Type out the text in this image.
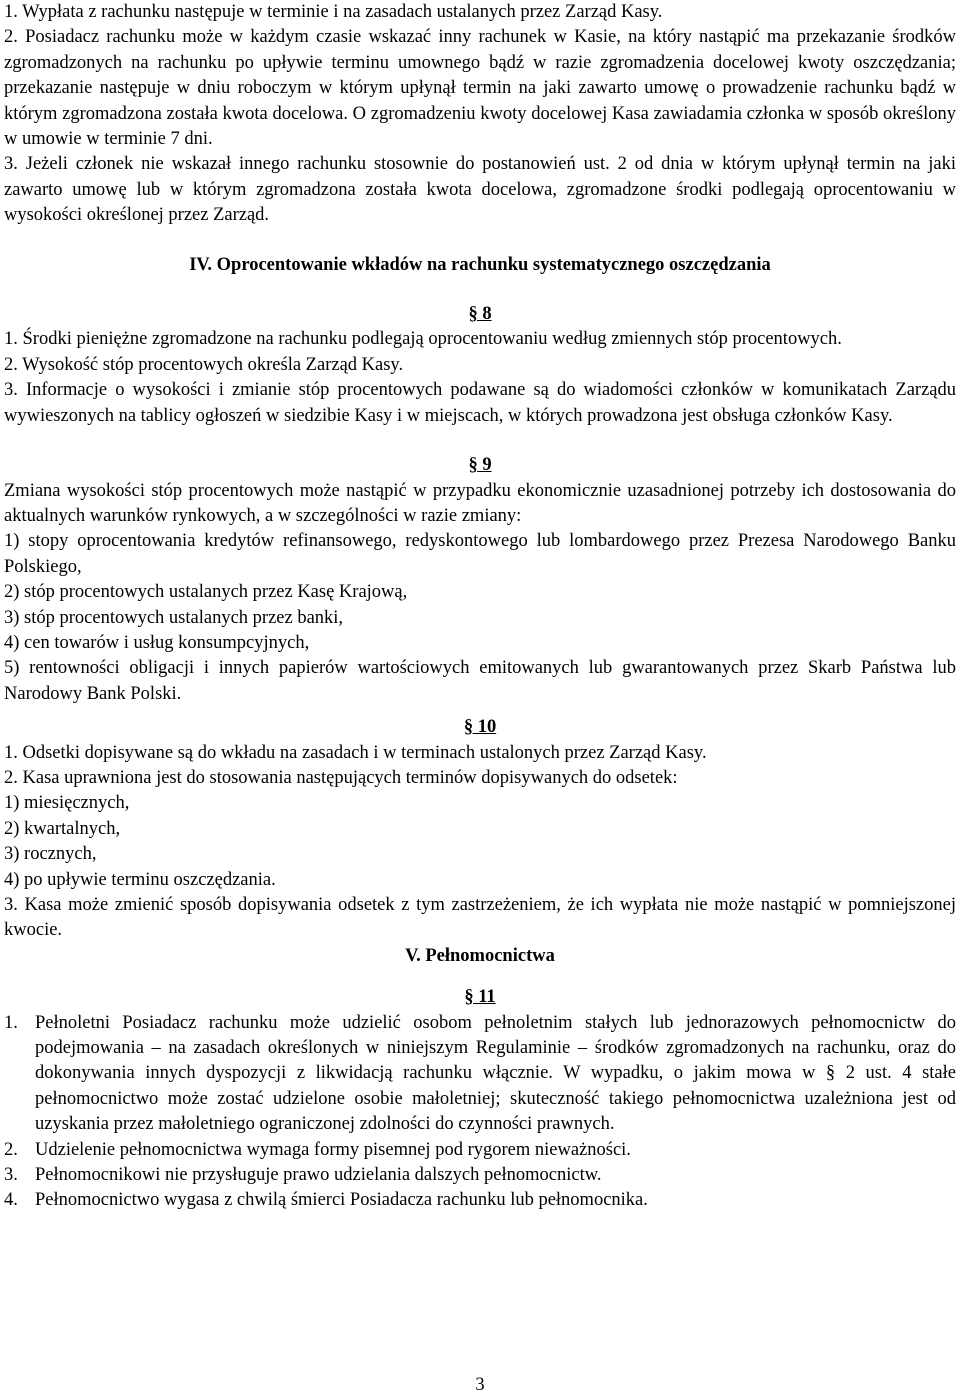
1. Wypłata z rachunku następuje w terminie i na zasadach ustalanych przez Zarząd Kasy.

2. Posiadacz rachunku może w każdym czasie wskazać inny rachunek w Kasie, na który nastąpić ma przekazanie środków zgromadzonych na rachunku po upływie terminu umownego bądź w razie zgromadzenia docelowej kwoty oszczędzania; przekazanie następuje w dniu roboczym w którym upłynął termin na jaki zawarto umowę o prowadzenie rachunku bądź w którym zgromadzona została kwota docelowa. O zgromadzeniu kwoty docelowej Kasa zawiadamia członka w sposób określony w umowie w terminie 7 dni.

3. Jeżeli członek nie wskazał innego rachunku stosownie do postanowień ust. 2 od dnia w którym upłynął termin na jaki zawarto umowę lub w którym zgromadzona została kwota docelowa, zgromadzone środki podlegają oprocentowaniu w wysokości określonej przez Zarząd.

IV. Oprocentowanie wkładów na rachunku systematycznego oszczędzania

§ 8

1. Środki pieniężne zgromadzone na rachunku podlegają oprocentowaniu według zmiennych stóp procentowych.

2. Wysokość stóp procentowych określa Zarząd Kasy.

3. Informacje o wysokości i zmianie stóp procentowych podawane są do wiadomości członków w komunikatach Zarządu wywieszonych na tablicy ogłoszeń w siedzibie Kasy i w miejscach, w których prowadzona jest obsługa członków Kasy.

§ 9

Zmiana wysokości stóp procentowych może nastąpić w przypadku ekonomicznie uzasadnionej potrzeby ich dostosowania do aktualnych warunków rynkowych, a w szczególności w razie zmiany:

1) stopy oprocentowania kredytów refinansowego, redyskontowego lub lombardowego przez Prezesa Narodowego Banku Polskiego,

2) stóp procentowych ustalanych przez Kasę Krajową,

3) stóp procentowych ustalanych przez banki,

4) cen towarów i usług konsumpcyjnych,

5) rentowności obligacji i innych papierów wartościowych emitowanych lub gwarantowanych przez Skarb Państwa lub Narodowy Bank Polski.

§ 10

1. Odsetki dopisywane są do wkładu na zasadach i w terminach ustalonych przez Zarząd Kasy.

2. Kasa uprawniona jest do stosowania następujących terminów dopisywanych do odsetek:

1) miesięcznych,

2) kwartalnych,

3) rocznych,

4) po upływie terminu oszczędzania.

3. Kasa może zmienić sposób dopisywania odsetek z tym zastrzeżeniem, że ich wypłata nie może nastąpić w pomniejszonej kwocie.

V. Pełnomocnictwa

§ 11

1. Pełnoletni Posiadacz rachunku może udzielić osobom pełnoletnim stałych lub jednorazowych pełnomocnictw do podejmowania – na zasadach określonych w niniejszym Regulaminie – środków zgromadzonych na rachunku, oraz do dokonywania innych dyspozycji z likwidacją rachunku włącznie. W wypadku, o jakim mowa w § 2 ust. 4 stałe pełnomocnictwo może zostać udzielone osobie małoletniej; skuteczność takiego pełnomocnictwa uzależniona jest od uzyskania przez małoletniego ograniczonej zdolności do czynności prawnych.
2. Udzielenie pełnomocnictwa wymaga formy pisemnej pod rygorem nieważności.
3. Pełnomocnikowi nie przysługuje prawo udzielania dalszych pełnomocnictw.
4. Pełnomocnictwo wygasa z chwilą śmierci Posiadacza rachunku lub pełnomocnika.
3
